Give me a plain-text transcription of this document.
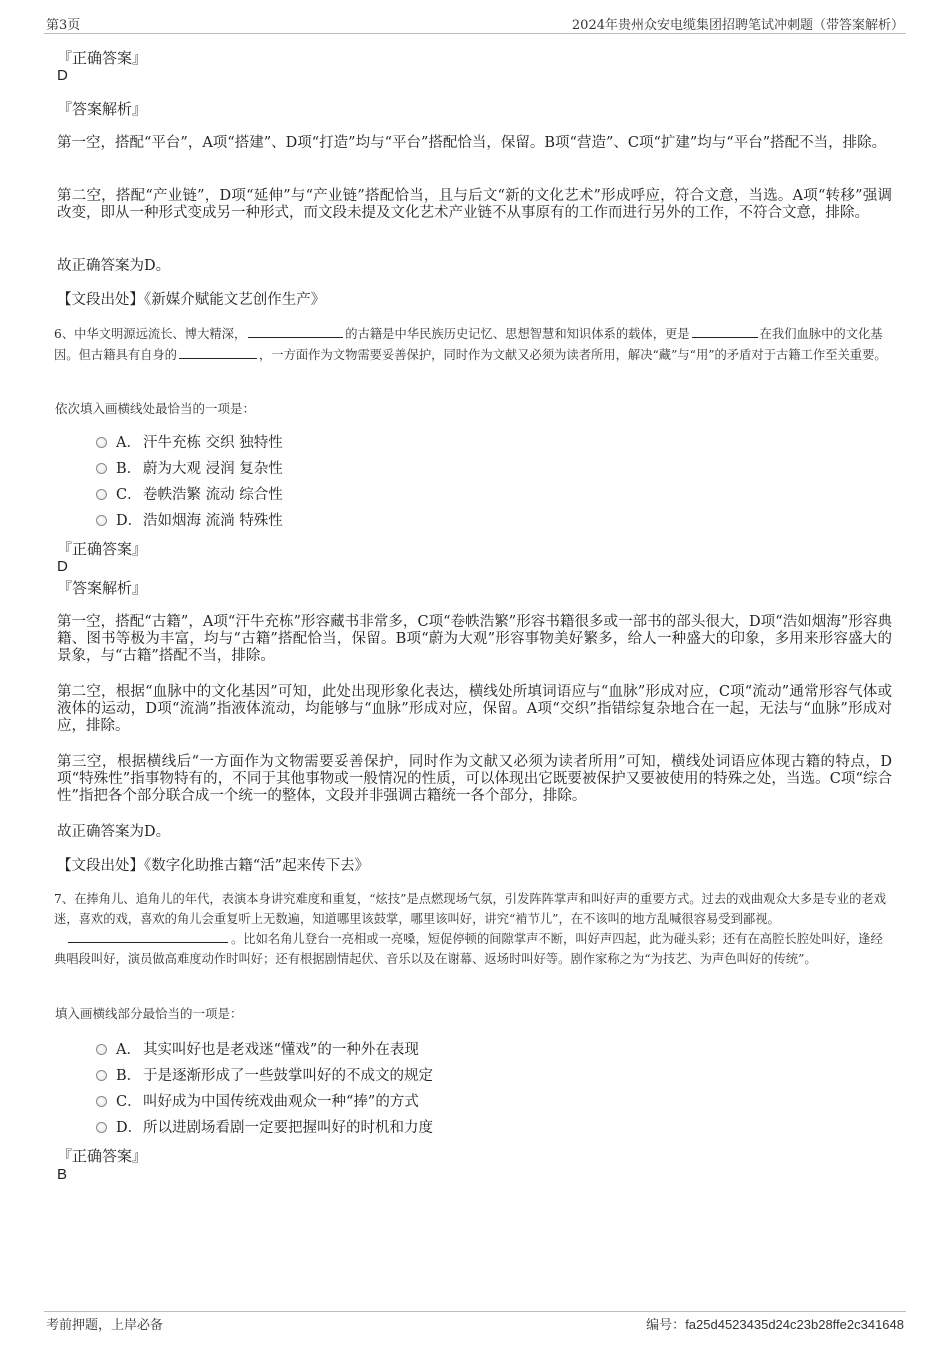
第3页	2024年贵州众安电缆集团招聘笔试冲刺题（带答案解析）
『正确答案』
D
『答案解析』
第一空，搭配“平台”，A项“搭建”、D项“打造”均与“平台”搭配恰当，保留。B项“营造”、C项“扩建”均与“平台”搭配不当，排除。
第二空，搭配“产业链”，D项“延伸”与“产业链”搭配恰当，且与后文“新的文化艺术”形成呼应，符合文意，当选。A项“转移”强调改变，即从一种形式变成另一种形式，而文段未提及文化艺术产业链不从事原有的工作而进行另外的工作，不符合文意，排除。
故正确答案为D。
【文段出处】《新媒介赋能文艺创作生产》
6、中华文明源远流长、博大精深，	的古籍是中华民族历史记忆、思想智慧和知识体系的载体，更是	在我们血脉中的文化基因。但古籍具有自身的	，一方面作为文物需要妥善保护，同时作为文献又必须为读者所用，解决“藏”与“用”的矛盾对于古籍工作至关重要。
依次填入画横线处最恰当的一项是：
A． 汗牛充栋 交织 独特性
B． 蔚为大观 浸润 复杂性
C．卷帙浩繁 流动 综合性
D．浩如烟海 流淌 特殊性
『正确答案』
D
『答案解析』
第一空，搭配“古籍”，A项“汗牛充栋”形容藏书非常多，C项“卷帙浩繁”形容书籍很多或一部书的部头很大，D项“浩如烟海”形容典籍、图书等极为丰富，均与“古籍”搭配恰当，保留。B项“蔚为大观”形容事物美好繁多，给人一种盛大的印象，多用来形容盛大的景象，与“古籍”搭配不当，排除。
第二空，根据“血脉中的文化基因”可知，此处出现形象化表达，横线处所填词语应与“血脉”形成对应，C项“流动”通常形容气体或液体的运动，D项“流淌”指液体流动，均能够与“血脉”形成对应，保留。A项“交织”指错综复杂地合在一起，无法与“血脉”形成对应，排除。
第三空，根据横线后“一方面作为文物需要妥善保护，同时作为文献又必须为读者所用”可知，横线处词语应体现古籍的特点，D项“特殊性”指事物特有的，不同于其他事物或一般情况的性质，可以体现出它既要被保护又要被使用的特殊之处，当选。C项“综合性”指把各个部分联合成一个统一的整体，文段并非强调古籍统一各个部分，排除。
故正确答案为D。
【文段出处】《数字化助推古籍“活”起来传下去》
7、在捧角儿、追角儿的年代，表演本身讲究难度和重复，“炫技”是点燃现场气氛，引发阵阵掌声和叫好声的重要方式。过去的戏曲观众大多是专业的老戏迷，喜欢的戏，喜欢的角儿会重复听上无数遍，知道哪里该鼓掌，哪里该叫好，讲究“褃节儿”，在不该叫的地方乱喊很容易受到鄙视。。比如名角儿登台一亮相或一亮嗓，短促停顿的间隙掌声不断，叫好声四起，此为碰头彩；还有在高腔长腔处叫好，逢经典唱段叫好，演员做高难度动作时叫好；还有根据剧情起伏、音乐以及在谢幕、返场时叫好等。剧作家称之为“为技艺、为声色叫好的传统”。
填入画横线部分最恰当的一项是：
A． 其实叫好也是老戏迷“懂戏”的一种外在表现
B． 于是逐渐形成了一些鼓掌叫好的不成文的规定
C．叫好成为中国传统戏曲观众一种“捧”的方式
D．所以进剧场看剧一定要把握叫好的时机和力度
『正确答案』
B
考前押题，上岸必备	编号：fa25d4523435d24c23b28ffe2c341648
